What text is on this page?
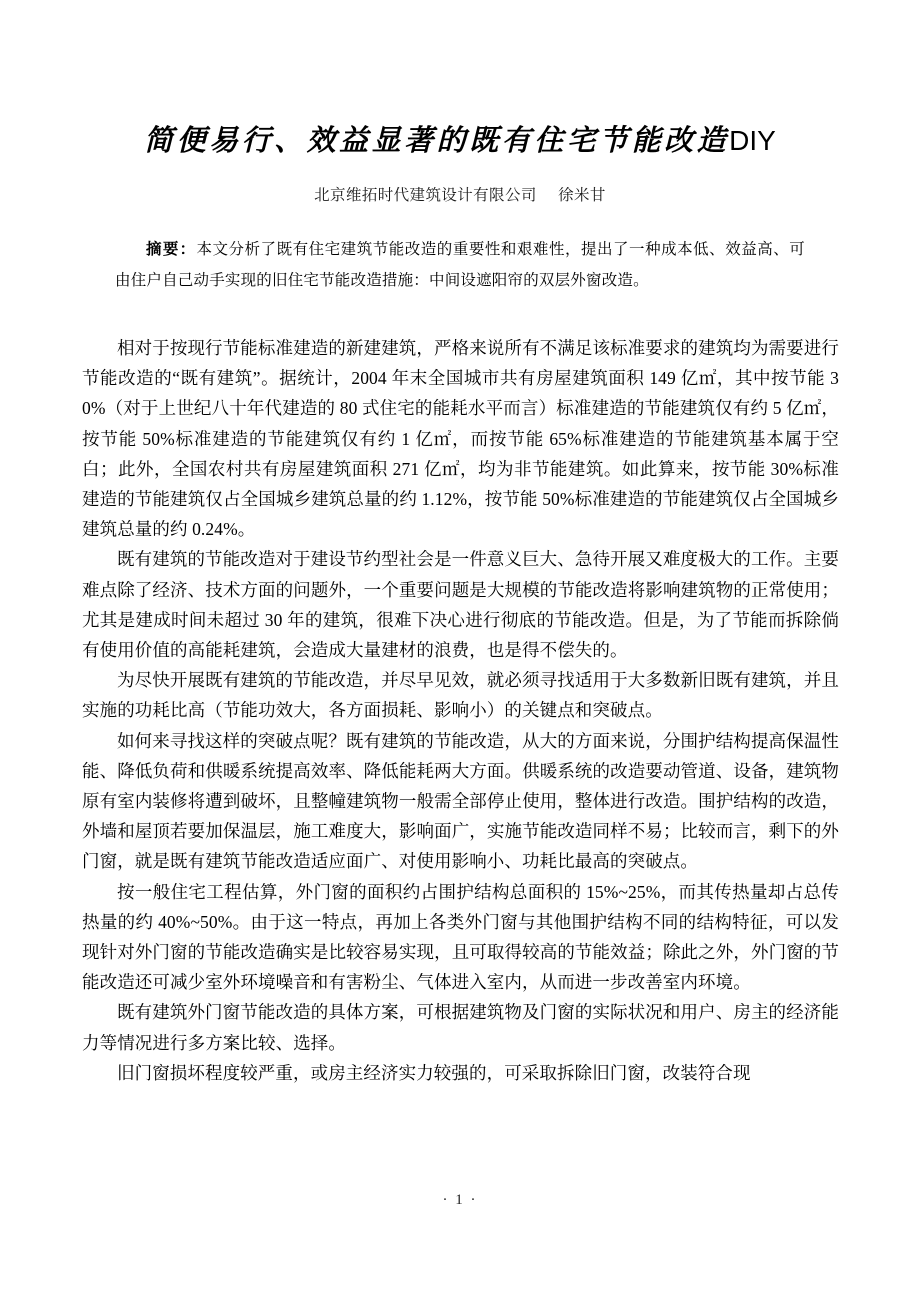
简便易行、效益显著的既有住宅节能改造DIY
北京维拓时代建筑设计有限公司     徐米甘
摘要：本文分析了既有住宅建筑节能改造的重要性和艰难性，提出了一种成本低、效益高、可由住户自己动手实现的旧住宅节能改造措施：中间设遮阳帘的双层外窗改造。

相对于按现行节能标准建造的新建建筑，严格来说所有不满足该标准要求的建筑均为需要进行节能改造的“既有建筑”。据统计，2004 年末全国城市共有房屋建筑面积 149 亿㎡，其中按节能 30%（对于上世纪八十年代建造的 80 式住宅的能耗水平而言）标准建造的节能建筑仅有约 5 亿㎡，按节能 50%标准建造的节能建筑仅有约 1 亿㎡，而按节能 65%标准建造的节能建筑基本属于空白；此外，全国农村共有房屋建筑面积 271 亿㎡，均为非节能建筑。如此算来，按节能 30%标准建造的节能建筑仅占全国城乡建筑总量的约 1.12%，按节能 50%标准建造的节能建筑仅占全国城乡建筑总量的约 0.24%。

既有建筑的节能改造对于建设节约型社会是一件意义巨大、急待开展又难度极大的工作。主要难点除了经济、技术方面的问题外，一个重要问题是大规模的节能改造将影响建筑物的正常使用；尤其是建成时间未超过 30 年的建筑，很难下决心进行彻底的节能改造。但是，为了节能而拆除倘有使用价值的高能耗建筑，会造成大量建材的浪费，也是得不偿失的。

为尽快开展既有建筑的节能改造，并尽早见效，就必须寻找适用于大多数新旧既有建筑，并且实施的功耗比高（节能功效大，各方面损耗、影响小）的关键点和突破点。

如何来寻找这样的突破点呢？既有建筑的节能改造，从大的方面来说，分围护结构提高保温性能、降低负荷和供暖系统提高效率、降低能耗两大方面。供暖系统的改造要动管道、设备，建筑物原有室内装修将遭到破坏，且整幢建筑物一般需全部停止使用，整体进行改造。围护结构的改造，外墙和屋顶若要加保温层，施工难度大，影响面广，实施节能改造同样不易；比较而言，剩下的外门窗，就是既有建筑节能改造适应面广、对使用影响小、功耗比最高的突破点。

按一般住宅工程估算，外门窗的面积约占围护结构总面积的 15%~25%，而其传热量却占总传热量的约 40%~50%。由于这一特点，再加上各类外门窗与其他围护结构不同的结构特征，可以发现针对外门窗的节能改造确实是比较容易实现，且可取得较高的节能效益；除此之外，外门窗的节能改造还可减少室外环境噪音和有害粉尘、气体进入室内，从而进一步改善室内环境。

既有建筑外门窗节能改造的具体方案，可根据建筑物及门窗的实际状况和用户、房主的经济能力等情况进行多方案比较、选择。

旧门窗损坏程度较严重，或房主经济实力较强的，可采取拆除旧门窗，改装符合现

· 1 ·
